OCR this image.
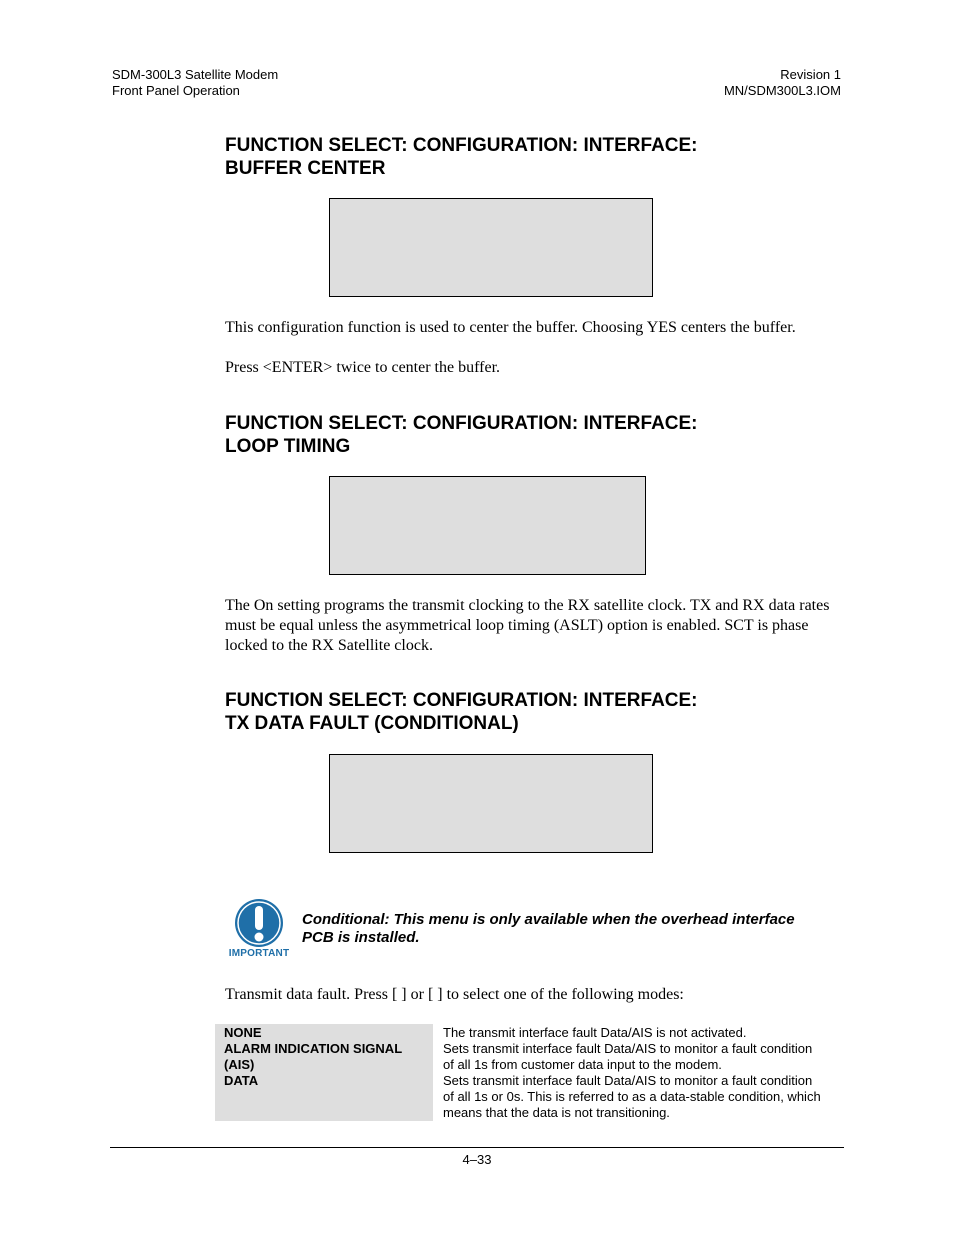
SDM-300L3 Satellite Modem
Front Panel Operation
Revision 1
MN/SDM300L3.IOM
FUNCTION SELECT: CONFIGURATION: INTERFACE:
BUFFER CENTER

This configuration function is used to center the buffer. Choosing YES centers the buffer.

Press <ENTER> twice to center the buffer.

FUNCTION SELECT: CONFIGURATION: INTERFACE:
LOOP TIMING

The On setting programs the transmit clocking to the RX satellite clock. TX and RX data rates must be equal unless the asymmetrical loop timing (ASLT) option is enabled. SCT is phase locked to the RX Satellite clock.

FUNCTION SELECT: CONFIGURATION: INTERFACE:
TX DATA FAULT (CONDITIONAL)
IMPORTANT
Conditional: This menu is only available when the overhead interface
PCB is installed.

Transmit data fault. Press [ ] or [ ] to select one of the following modes:

NONE	The transmit interface fault Data/AIS is not activated.
ALARM INDICATION SIGNAL (AIS)
Sets transmit interface fault Data/AIS to monitor a fault condition
of all 1s from customer data input to the modem.
DATA	Sets transmit interface fault Data/AIS to monitor a fault condition
of all 1s or 0s. This is referred to as a data-stable condition, which
means that the data is not transitioning.
4–33
